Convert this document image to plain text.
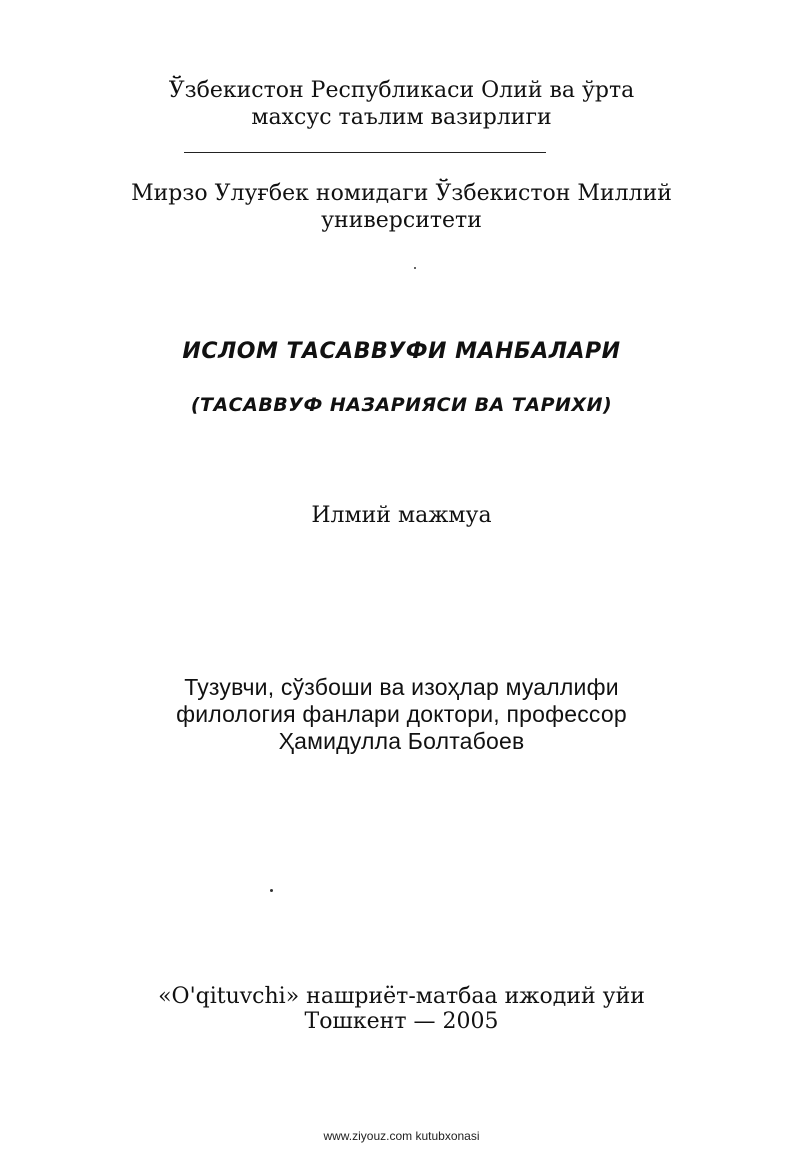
Ўзбекистон Республикаси Олий ва ўрта
махсус таълим вазирлиги
Мирзо Улуғбек номидаги Ўзбекистон Миллий
университети
ИСЛОМ ТАСАВВУФИ МАНБАЛАРИ
(ТАСАВВУФ НАЗАРИЯСИ ВА ТАРИХИ)
Илмий мажмуа
Тузувчи, сўзбоши ва изоҳлар муаллифи
филология фанлари доктори, профессор
Ҳамидулла Болтабоев
«O'qituvchi» нашриёт-матбаа ижодий уйи
Тошкент — 2005
www.ziyouz.com kutubxonasi
